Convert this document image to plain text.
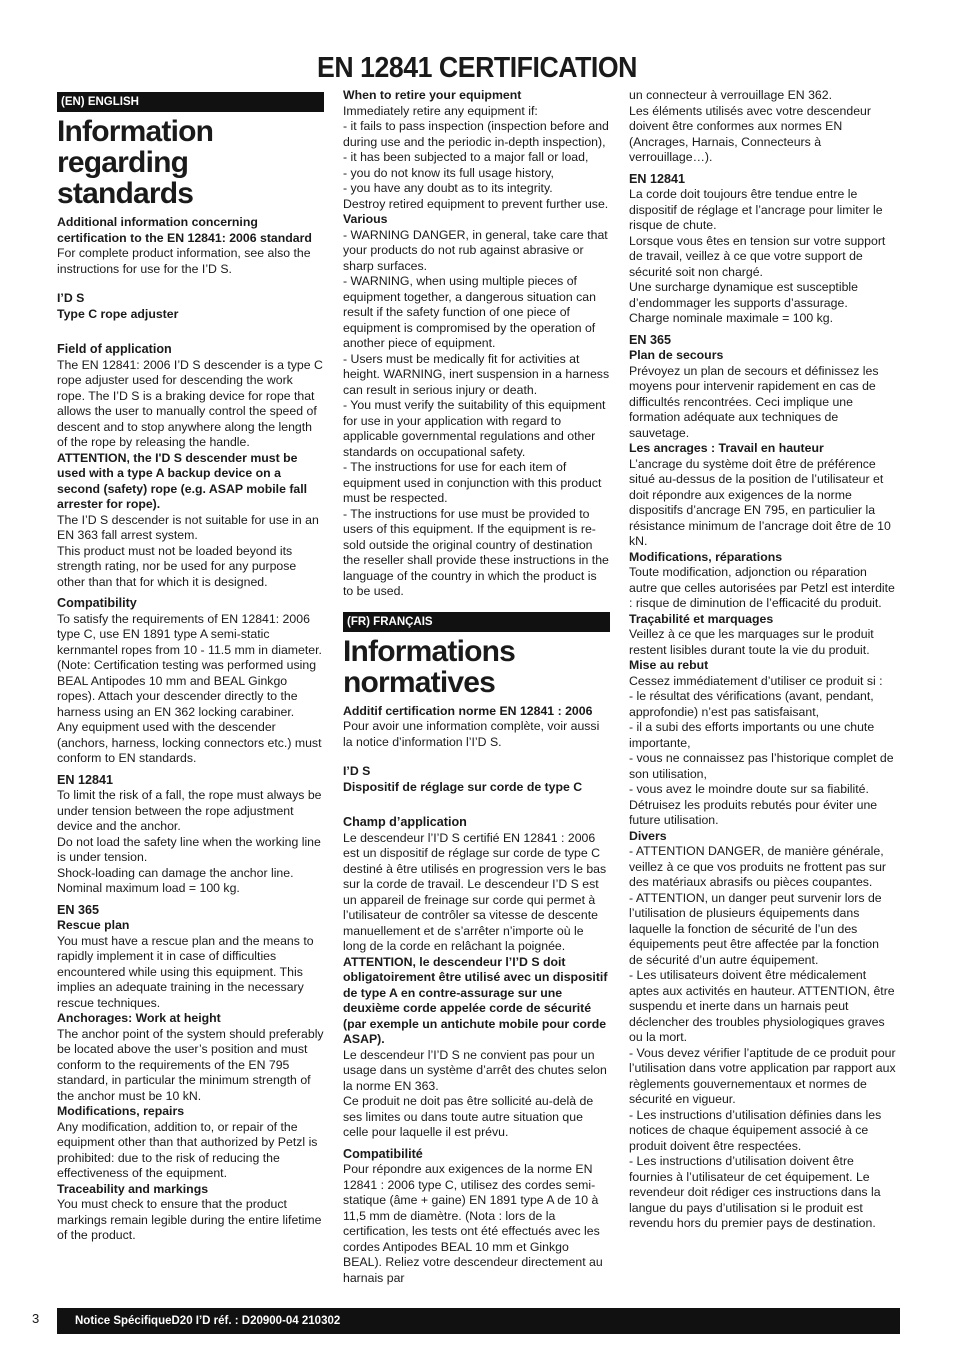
EN 12841 CERTIFICATION
(EN) ENGLISH
Information regarding standards

Additional information concerning certification to the EN 12841: 2006 standard

For complete product information, see also the instructions for use for the I’D S.

I’D S

Type C rope adjuster

Field of application

The EN 12841: 2006 I’D S descender is a type C rope adjuster used for descending the work rope. The I’D S is a braking device for rope that allows the user to manually control the speed of descent and to stop anywhere along the length of the rope by releasing the handle.

ATTENTION, the I'D S descender must be used with a type A backup device on a second (safety) rope (e.g. ASAP mobile fall arrester for rope).

The I’D S descender is not suitable for use in an EN 363 fall arrest system.

This product must not be loaded beyond its strength rating, nor be used for any purpose other than that for which it is designed.

Compatibility

To satisfy the requirements of EN 12841: 2006 type C, use EN 1891 type A semi-static kernmantel ropes from 10 - 11.5 mm in diameter. (Note: Certification testing was performed using BEAL Antipodes 10 mm and BEAL Ginkgo ropes). Attach your descender directly to the harness using an EN 362 locking carabiner.

Any equipment used with the descender (anchors, harness, locking connectors etc.) must conform to EN standards.

EN 12841

To limit the risk of a fall, the rope must always be under tension between the rope adjustment device and the anchor.

Do not load the safety line when the working line is under tension.

Shock-loading can damage the anchor line.

Nominal maximum load = 100 kg.

EN 365

Rescue plan

You must have a rescue plan and the means to rapidly implement it in case of difficulties encountered while using this equipment. This implies an adequate training in the necessary rescue techniques.

Anchorages: Work at height

The anchor point of the system should preferably be located above the user’s position and must conform to the requirements of the EN 795 standard, in particular the minimum strength of the anchor must be 10 kN.

Modifications, repairs

Any modification, addition to, or repair of the equipment other than that authorized by Petzl is prohibited: due to the risk of reducing the effectiveness of the equipment.

Traceability and markings

You must check to ensure that the product markings remain legible during the entire lifetime of the product.

When to retire your equipment

Immediately retire any equipment if:

- it fails to pass inspection (inspection before and during use and the periodic in-depth inspection),

- it has been subjected to a major fall or load,

- you do not know its full usage history,

- you have any doubt as to its integrity.

Destroy retired equipment to prevent further use.

Various

- WARNING DANGER, in general, take care that your products do not rub against abrasive or sharp surfaces.

- WARNING, when using multiple pieces of equipment together, a dangerous situation can result if the safety function of one piece of equipment is compromised by the operation of another piece of equipment.

- Users must be medically fit for activities at height. WARNING, inert suspension in a harness can result in serious injury or death.

- You must verify the suitability of this equipment for use in your application with regard to applicable governmental regulations and other standards on occupational safety.

- The instructions for use for each item of equipment used in conjunction with this product must be respected.

- The instructions for use must be provided to users of this equipment. If the equipment is re-sold outside the original country of destination the reseller shall provide these instructions in the language of the country in which the product is to be used.

(FR) FRANÇAIS
Informations normatives

Additif certification norme EN 12841 : 2006

Pour avoir une information complète, voir aussi la notice d’information l’I’D S.

I’D S

Dispositif de réglage sur corde de type C

Champ d’application

Le descendeur l’I’D S certifié EN 12841 : 2006 est un dispositif de réglage sur corde de type C destiné à être utilisés en progression vers le bas sur la corde de travail. Le descendeur I’D S est un appareil de freinage sur corde qui permet à l’utilisateur de contrôler sa vitesse de descente manuellement et de s’arrêter n’importe où le long de la corde en relâchant la poignée.

ATTENTION, le descendeur l’I’D S doit obligatoirement être utilisé avec un dispositif de type A en contre-assurage sur une deuxième corde appelée corde de sécurité (par exemple un antichute mobile pour corde ASAP).

Le descendeur l’I’D S ne convient pas pour un usage dans un système d’arrêt des chutes selon la norme EN 363.

Ce produit ne doit pas être sollicité au-delà de ses limites ou dans toute autre situation que celle pour laquelle il est prévu.

Compatibilité

Pour répondre aux exigences de la norme EN 12841 : 2006 type C, utilisez des cordes semi-statique (âme + gaine) EN 1891 type A de 10 à 11,5 mm de diamètre. (Nota : lors de la certification, les tests ont été effectués avec les cordes Antipodes BEAL 10 mm et Ginkgo BEAL). Reliez votre descendeur directement au harnais par

un connecteur à verrouillage EN 362.

Les éléments utilisés avec votre descendeur doivent être conformes aux normes EN (Ancrages, Harnais, Connecteurs à verrouillage…).

EN 12841

La corde doit toujours être tendue entre le dispositif de réglage et l’ancrage pour limiter le risque de chute.

Lorsque vous êtes en tension sur votre support de travail, veillez à ce que votre support de sécurité soit non chargé.

Une surcharge dynamique est susceptible d’endommager les supports d’assurage.

Charge nominale maximale = 100 kg.

EN 365

Plan de secours

Prévoyez un plan de secours et définissez les moyens pour intervenir rapidement en cas de difficultés rencontrées. Ceci implique une formation adéquate aux techniques de sauvetage.

Les ancrages : Travail en hauteur

L’ancrage du système doit être de préférence situé au-dessus de la position de l’utilisateur et doit répondre aux exigences de la norme dispositifs d’ancrage EN 795, en particulier la résistance minimum de l’ancrage doit être de 10 kN.

Modifications, réparations

Toute modification, adjonction ou réparation autre que celles autorisées par Petzl est interdite : risque de diminution de l’efficacité du produit.

Traçabilité et marquages

Veillez à ce que les marquages sur le produit restent lisibles durant toute la vie du produit.

Mise au rebut

Cessez immédiatement d’utiliser ce produit si :

- le résultat des vérifications (avant, pendant, approfondie) n’est pas satisfaisant,

- il a subi des efforts importants ou une chute importante,

- vous ne connaissez pas l’historique complet de son utilisation,

- vous avez le moindre doute sur sa fiabilité.

Détruisez les produits rebutés pour éviter une future utilisation.

Divers

- ATTENTION DANGER, de manière générale, veillez à ce que vos produits ne frottent pas sur des matériaux abrasifs ou pièces coupantes.

- ATTENTION, un danger peut survenir lors de l’utilisation de plusieurs équipements dans laquelle la fonction de sécurité de l’un des équipements peut être affectée par la fonction de sécurité d’un autre équipement.

- Les utilisateurs doivent être médicalement aptes aux activités en hauteur. ATTENTION, être suspendu et inerte dans un harnais peut déclencher des troubles physiologiques graves ou la mort.

- Vous devez vérifier l’aptitude de ce produit pour l’utilisation dans votre application par rapport aux règlements gouvernementaux et normes de sécurité en vigueur.

- Les instructions d’utilisation définies dans les notices de chaque équipement associé à ce produit doivent être respectées.

- Les instructions d’utilisation doivent être fournies à l’utilisateur de cet équipement. Le revendeur doit rédiger ces instructions dans la langue du pays d’utilisation si le produit est revendu hors du premier pays de destination.

3	Notice SpécifiqueD20 I’D réf. : D20900-04 210302
